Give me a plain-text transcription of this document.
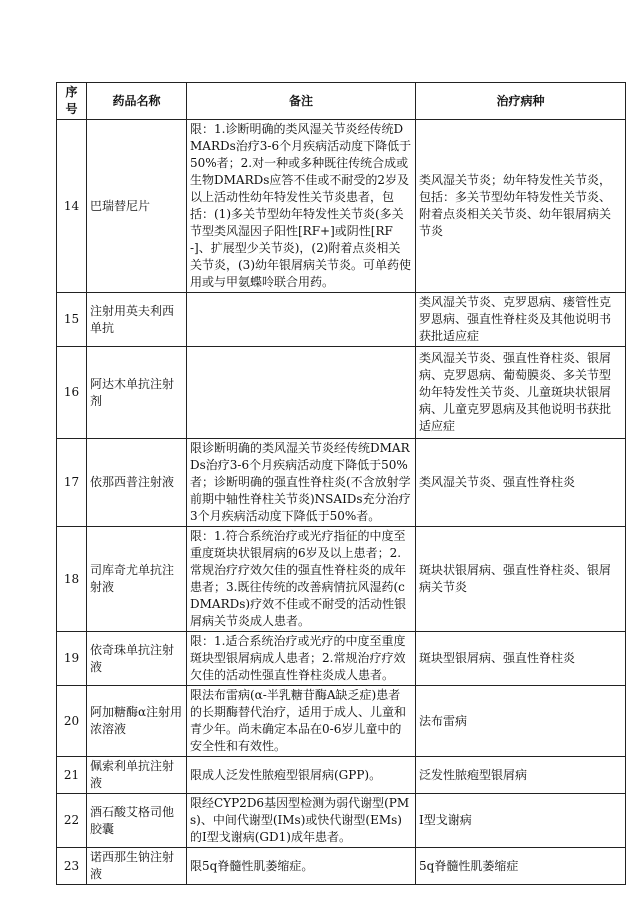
序号	药品名称	备注	治疗病种
14	巴瑞替尼片	限：1.诊断明确的类风湿关节炎经传统DMARDs治疗3-6个月疾病活动度下降低于50%者；2.对一种或多种既往传统合成或生物DMARDs应答不佳或不耐受的2岁及以上活动性幼年特发性关节炎患者，包括：(1)多关节型幼年特发性关节炎(多关节型类风湿因子阳性[RF+]或阴性[RF-]、扩展型少关节炎)，(2)附着点炎相关关节炎，(3)幼年银屑病关节炎。可单药使用或与甲氨蝶呤联合用药。	类风湿关节炎；幼年特发性关节炎，包括：多关节型幼年特发性关节炎、附着点炎相关关节炎、幼年银屑病关节炎
15	注射用英夫利西单抗		类风湿关节炎、克罗恩病、瘘管性克罗恩病、强直性脊柱炎及其他说明书获批适应症
16	阿达木单抗注射剂		类风湿关节炎、强直性脊柱炎、银屑病、克罗恩病、葡萄膜炎、多关节型幼年特发性关节炎、儿童斑块状银屑病、儿童克罗恩病及其他说明书获批适应症
17	依那西普注射液	限诊断明确的类风湿关节炎经传统DMARDs治疗3-6个月疾病活动度下降低于50%者；诊断明确的强直性脊柱炎(不含放射学前期中轴性脊柱关节炎)NSAIDs充分治疗3个月疾病活动度下降低于50%者。	类风湿关节炎、强直性脊柱炎
18	司库奇尤单抗注射液	限：1.符合系统治疗或光疗指征的中度至重度斑块状银屑病的6岁及以上患者；2.常规治疗疗效欠佳的强直性脊柱炎的成年患者；3.既往传统的改善病情抗风湿药(cDMARDs)疗效不佳或不耐受的活动性银屑病关节炎成人患者。	斑块状银屑病、强直性脊柱炎、银屑病关节炎
19	依奇珠单抗注射液	限：1.适合系统治疗或光疗的中度至重度斑块型银屑病成人患者；2.常规治疗疗效欠佳的活动性强直性脊柱炎成人患者。	斑块型银屑病、强直性脊柱炎
20	阿加糖酶α注射用浓溶液	限法布雷病(α-半乳糖苷酶A缺乏症)患者的长期酶替代治疗，适用于成人、儿童和青少年。尚未确定本品在0-6岁儿童中的安全性和有效性。	法布雷病
21	佩索利单抗注射液	限成人泛发性脓疱型银屑病(GPP)。	泛发性脓疱型银屑病
22	酒石酸艾格司他胶囊	限经CYP2D6基因型检测为弱代谢型(PMs)、中间代谢型(IMs)或快代谢型(EMs)的Ⅰ型戈谢病(GD1)成年患者。	Ⅰ型戈谢病
23	诺西那生钠注射液	限5q脊髓性肌萎缩症。	5q脊髓性肌萎缩症
